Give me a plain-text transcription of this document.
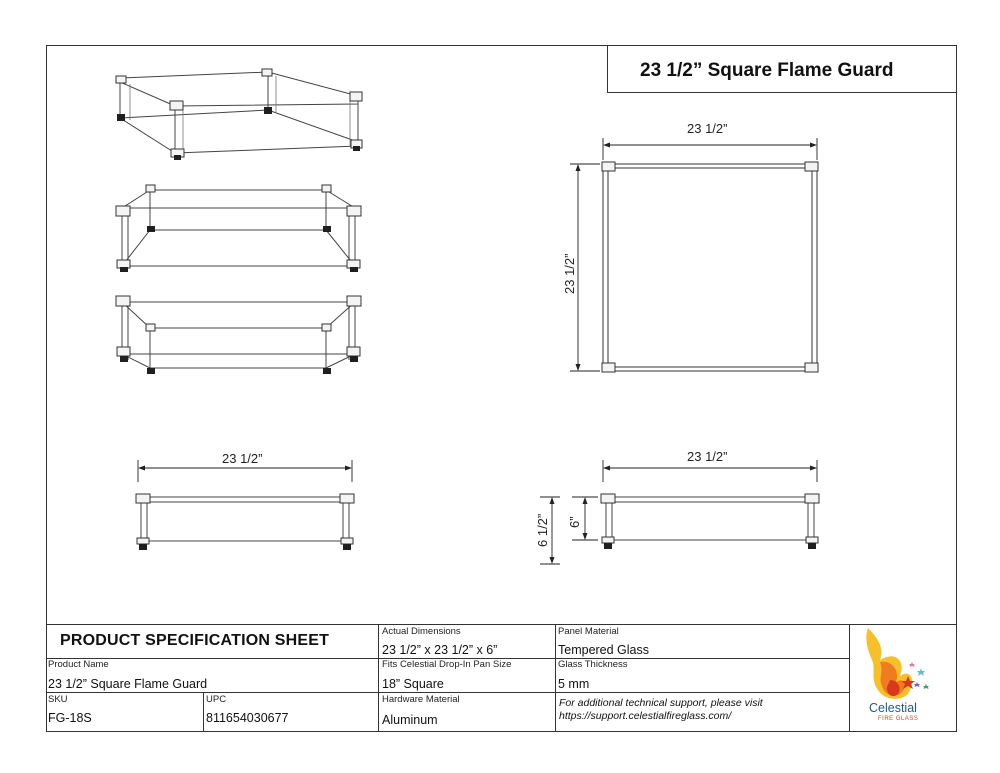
23 1/2” Square Flame Guard
23 1/2”
23 1/2”
23 1/2”
23 1/2”
6 1/2” 6”
PRODUCT SPECIFICATION SHEET
Actual Dimensions
23 1/2” x 23 1/2” x 6”
Panel Material
Tempered Glass
Product Name
23 1/2” Square Flame Guard
Fits Celestial Drop-In Pan Size
18” Square
Glass Thickness
5 mm
SKU
FG-18S
UPC
811654030677
Hardware Material
Aluminum
For additional technical support, please visit
https://support.celestialfireglass.com/
Celestial
FIRE GLASS
